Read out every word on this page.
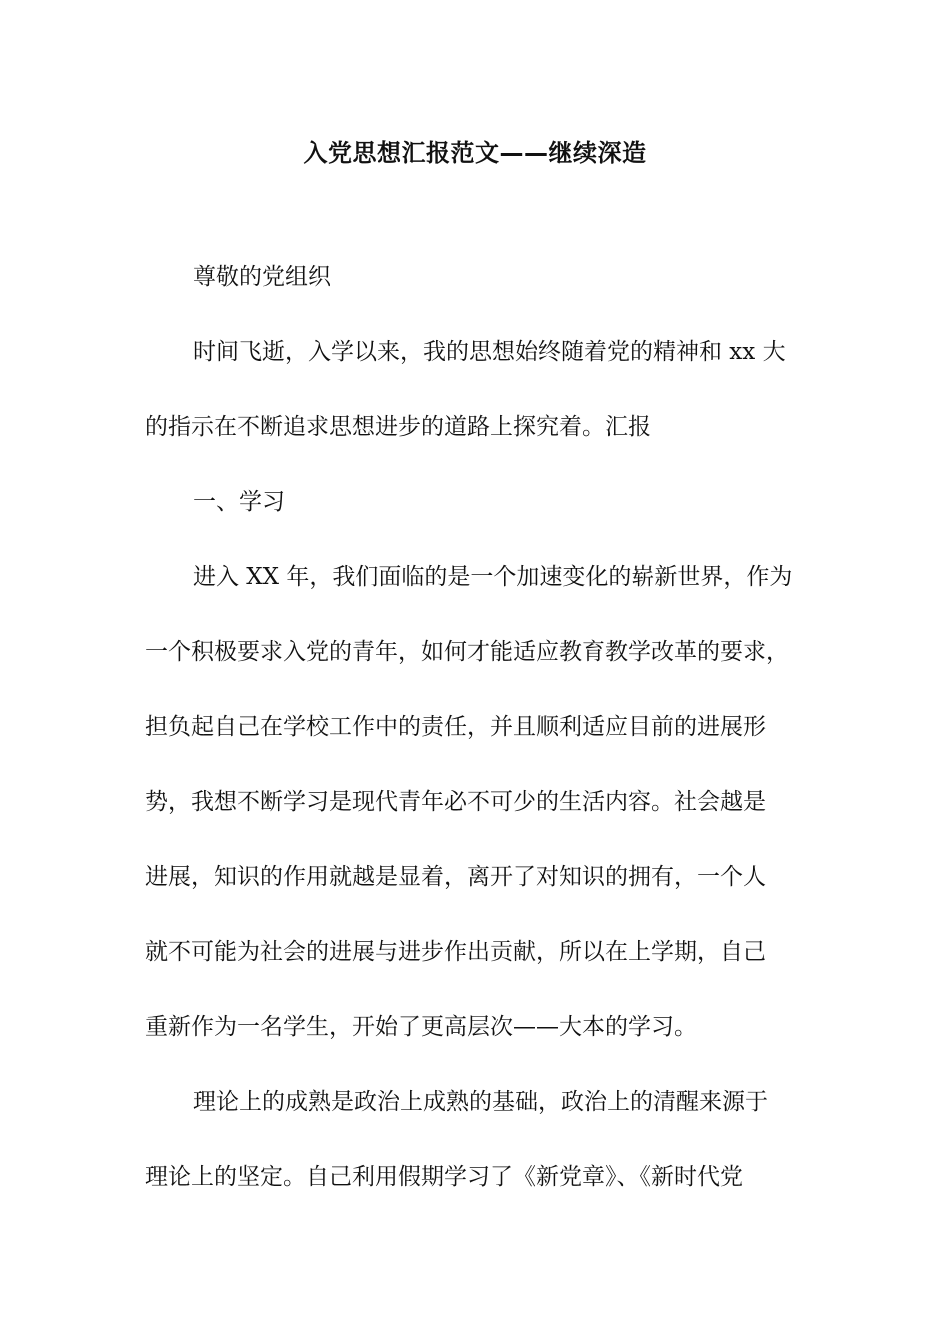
入党思想汇报范文——继续深造
尊敬的党组织
时间飞逝，入学以来，我的思想始终随着党的精神和 xx 大
的指示在不断追求思想进步的道路上探究着。汇报
一、学习
进入 XX 年，我们面临的是一个加速变化的崭新世界，作为
一个积极要求入党的青年，如何才能适应教育教学改革的要求，
担负起自己在学校工作中的责任，并且顺利适应目前的进展形
势，我想不断学习是现代青年必不可少的生活内容。社会越是
进展，知识的作用就越是显着，离开了对知识的拥有，一个人
就不可能为社会的进展与进步作出贡献，所以在上学期，自己
重新作为一名学生，开始了更高层次——大本的学习。
理论上的成熟是政治上成熟的基础，政治上的清醒来源于
理论上的坚定。自己利用假期学习了《新党章》、《新时代党
